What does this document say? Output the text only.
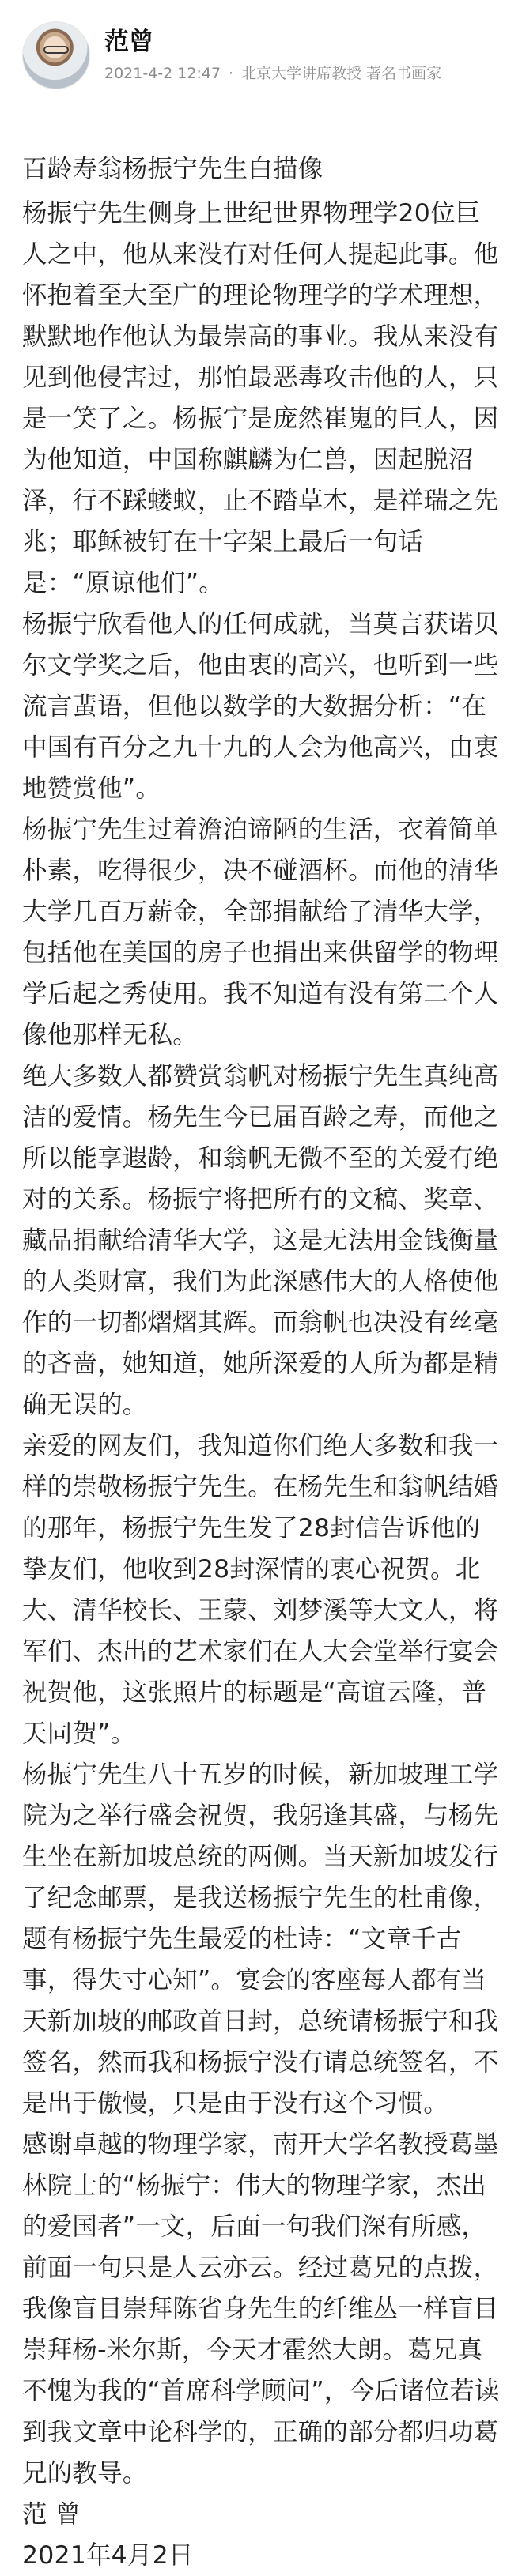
范曾
2021-4-2 12:47 · 北京大学讲席教授 著名书画家

百龄寿翁杨振宁先生白描像

杨振宁先生侧身上世纪世界物理学20位巨人之中，他从来没有对任何人提起此事。他怀抱着至大至广的理论物理学的学术理想，默默地作他认为最崇高的事业。我从来没有见到他侵害过，那怕最恶毒攻击他的人，只是一笑了之。杨振宁是庞然崔嵬的巨人，因为他知道，中国称麒麟为仁兽，因起脱沼泽，行不踩蝼蚁，止不踏草木，是祥瑞之先兆；耶稣被钉在十字架上最后一句话是：“原谅他们”。

杨振宁欣看他人的任何成就，当莫言获诺贝尔文学奖之后，他由衷的高兴，也听到一些流言蜚语，但他以数学的大数据分析：“在中国有百分之九十九的人会为他高兴，由衷地赞赏他”。

杨振宁先生过着澹泊谛陋的生活，衣着简单朴素，吃得很少，决不碰酒杯。而他的清华大学几百万薪金，全部捐献给了清华大学，包括他在美国的房子也捐出来供留学的物理学后起之秀使用。我不知道有没有第二个人像他那样无私。

绝大多数人都赞赏翁帆对杨振宁先生真纯高洁的爱情。杨先生今已届百龄之寿，而他之所以能享遐龄，和翁帆无微不至的关爱有绝对的关系。杨振宁将把所有的文稿、奖章、藏品捐献给清华大学，这是无法用金钱衡量的人类财富，我们为此深感伟大的人格使他作的一切都熠熠其辉。而翁帆也决没有丝毫的吝啬，她知道，她所深爱的人所为都是精确无误的。

亲爱的网友们，我知道你们绝大多数和我一样的崇敬杨振宁先生。在杨先生和翁帆结婚的那年，杨振宁先生发了28封信告诉他的挚友们，他收到28封深情的衷心祝贺。北大、清华校长、王蒙、刘梦溪等大文人，将军们、杰出的艺术家们在人大会堂举行宴会祝贺他，这张照片的标题是“高谊云隆，普天同贺”。

杨振宁先生八十五岁的时候，新加坡理工学院为之举行盛会祝贺，我躬逢其盛，与杨先生坐在新加坡总统的两侧。当天新加坡发行了纪念邮票，是我送杨振宁先生的杜甫像，题有杨振宁先生最爱的杜诗：“文章千古事，得失寸心知”。宴会的客座每人都有当天新加坡的邮政首日封，总统请杨振宁和我签名，然而我和杨振宁没有请总统签名，不是出于傲慢，只是由于没有这个习惯。

感谢卓越的物理学家，南开大学名教授葛墨林院士的“杨振宁：伟大的物理学家，杰出的爱国者”一文，后面一句我们深有所感，前面一句只是人云亦云。经过葛兄的点拨，我像盲目崇拜陈省身先生的纤维丛一样盲目崇拜杨-米尔斯，今天才霍然大朗。葛兄真不愧为我的“首席科学顾问”，今后诸位若读到我文章中论科学的，正确的部分都归功葛兄的教导。

范 曾

2021年4月2日
